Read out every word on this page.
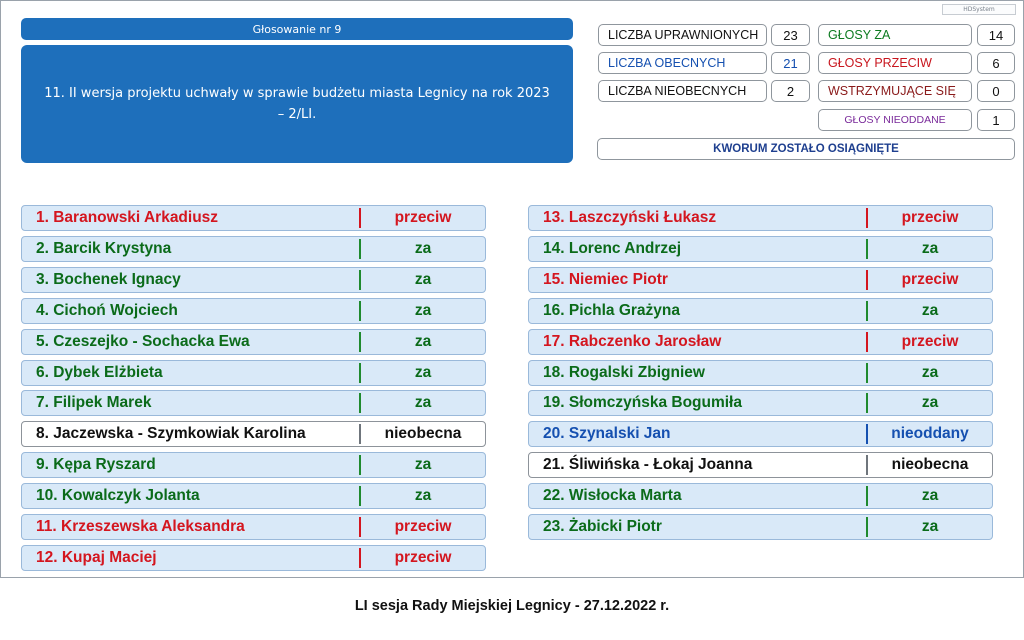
HDSystem
Głosowanie nr 9
11. II wersja projektu uchwały w sprawie budżetu miasta Legnicy na rok 2023 – 2/LI.
LICZBA UPRAWNIONYCH	23
LICZBA OBECNYCH	21
LICZBA NIEOBECNYCH	2
GŁOSY ZA	14
GŁOSY PRZECIW	6
WSTRZYMUJĄCE SIĘ	0
GŁOSY NIEODDANE	1
KWORUM ZOSTAŁO OSIĄGNIĘTE
1. Baranowski Arkadiusz	przeciw
2. Barcik Krystyna	za
3. Bochenek Ignacy	za
4. Cichoń Wojciech	za
5. Czeszejko - Sochacka Ewa	za
6. Dybek Elżbieta	za
7. Filipek Marek	za
8. Jaczewska - Szymkowiak Karolina	nieobecna
9. Kępa Ryszard	za
10. Kowalczyk Jolanta	za
11. Krzeszewska Aleksandra	przeciw
12. Kupaj Maciej	przeciw
13. Laszczyński Łukasz	przeciw
14. Lorenc Andrzej	za
15. Niemiec Piotr	przeciw
16. Pichla Grażyna	za
17. Rabczenko Jarosław	przeciw
18. Rogalski Zbigniew	za
19. Słomczyńska Bogumiła	za
20. Szynalski Jan	nieoddany
21. Śliwińska - Łokaj Joanna	nieobecna
22. Wisłocka Marta	za
23. Żabicki Piotr	za
LI sesja Rady Miejskiej Legnicy - 27.12.2022 r.
